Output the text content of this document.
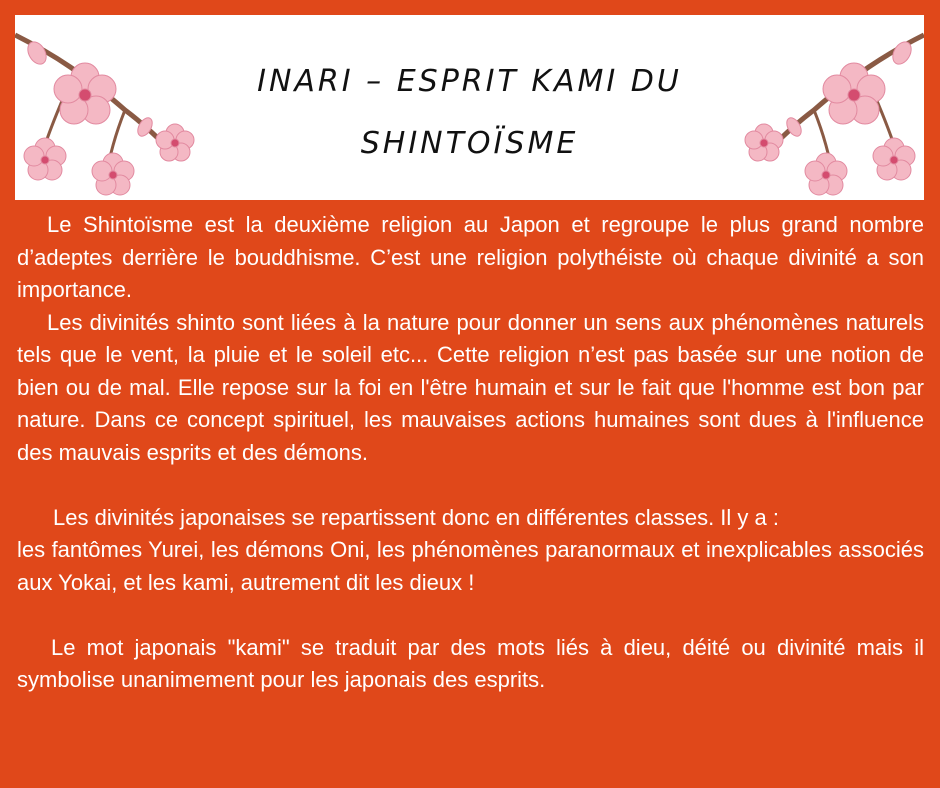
INARI – ESPRIT KAMI DU SHINTOÏSME

Le Shintoïsme est la deuxième religion au Japon et regroupe le plus grand nombre d’adeptes derrière le bouddhisme. C’est une religion polythéiste où chaque divinité a son importance.

Les divinités shinto sont liées à la nature pour donner un sens aux phénomènes naturels tels que le vent, la pluie et le soleil etc... Cette religion n’est pas basée sur une notion de bien ou de mal. Elle repose sur la foi en l'être humain et sur le fait que l'homme est bon par nature. Dans ce concept spirituel, les mauvaises actions humaines sont dues à l'influence des mauvais esprits et des démons.

Les divinités japonaises se repartissent donc en différentes classes. Il y a :

les fantômes Yurei, les démons Oni, les phénomènes paranormaux et inexplicables associés aux Yokai, et les kami, autrement dit les dieux !

Le mot japonais "kami" se traduit par des mots liés à dieu, déité ou divinité mais il symbolise unanimement pour les japonais des esprits.
